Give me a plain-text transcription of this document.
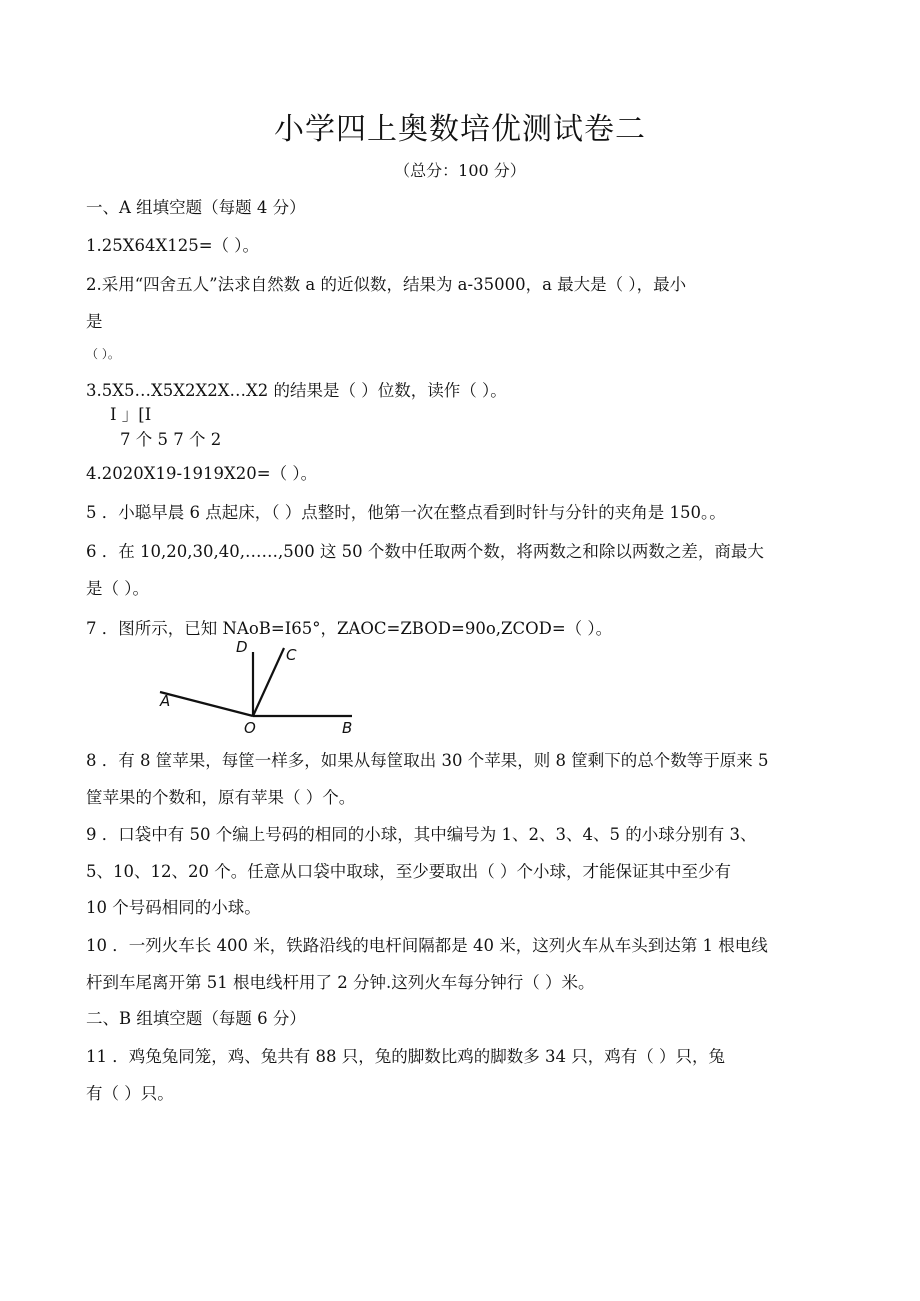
小学四上奥数培优测试卷二
（总分：100 分）
一、A 组填空题（每题 4 分）
1.25X64X125=（ ）。
2.采用“四舍五人”法求自然数 a 的近似数，结果为 a-35000，a 最大是（ ），最小
是
（ ）。
3.5X5…X5X2X2X…X2 的结果是（ ）位数，读作（ ）。
I 」[I
7 个 5 7 个 2
4.2020X19-1919X20=（ ）。
5 ．小聪早晨 6 点起床，（ ）点整时，他第一次在整点看到时针与分针的夹角是 150。。
6 ．在 10,20,30,40,……,500 这 50 个数中任取两个数，将两数之和除以两数之差，商最大
是（ ）。
7 ．图所示，已知 NAoB=I65°，ZAOC=ZBOD=90o,ZCOD=（ ）。
A
D	C
O	B
8 ．有 8 筐苹果，每筐一样多，如果从每筐取出 30 个苹果，则 8 筐剩下的总个数等于原来 5
筐苹果的个数和，原有苹果（ ）个。
9 ．口袋中有 50 个编上号码的相同的小球，其中编号为 1、2、3、4、5 的小球分别有 3、
5、10、12、20 个。任意从口袋中取球，至少要取出（ ）个小球，才能保证其中至少有
10 个号码相同的小球。
10 ．一列火车长 400 米，铁路沿线的电杆间隔都是 40 米，这列火车从车头到达第 1 根电线
杆到车尾离开第 51 根电线杆用了 2 分钟.这列火车每分钟行（ ）米。
二、B 组填空题（每题 6 分）
11 ．鸡兔兔同笼，鸡、兔共有 88 只，兔的脚数比鸡的脚数多 34 只，鸡有（ ）只，兔
有（ ）只。
